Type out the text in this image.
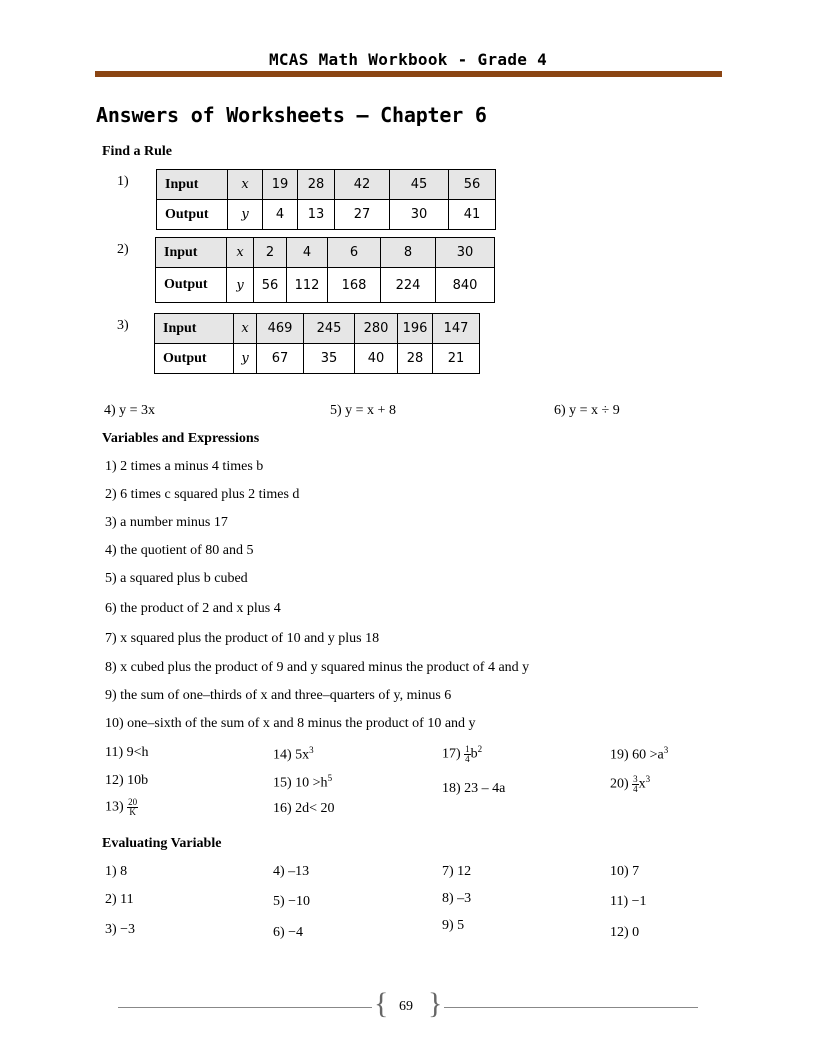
MCAS Math Workbook - Grade 4
Answers of Worksheets – Chapter 6
Find a Rule
1)	Input	x	19	28	42	45	56
Output	y	4	13	27	30	41
2)	Input	x	2	4	6	8	30
Output	y	56	112	168	224	840
3) Input	x	469	245	280	196	147
Output	y	67	35	40	28	21
4) y = 3x	5) y = x + 8	6) y = x ÷ 9
Variables and Expressions
1) 2 times a minus 4 times b
2) 6 times c squared plus 2 times d
3) a number minus 17
4) the quotient of 80 and 5
5) a squared plus b cubed
6) the product of 2 and x plus 4
7) x squared plus the product of 10 and y plus 18
8) x cubed plus the product of 9 and y squared minus the product of 4 and y
9) the sum of one–thirds of x and three–quarters of y, minus 6
10) one–sixth of the sum of x and 8 minus the product of 10 and y
11) 9<h
12) 10b
$13) \frac{20}{K}$
14) $5x^3$
15) $10 >h^5$
16) 2d< 20
$17) \frac{1}{4} b^2$
18) 23 – 4a
19) $60 >a^3$
$20) \frac{3}{4} x^3$
Evaluating Variable
1) 8
2) 11
3) −3
4) –13
5) −10
6) −4
7) 12
8) –3
9) 5
10) 7
11) −1
12) 0
{ 69 }
